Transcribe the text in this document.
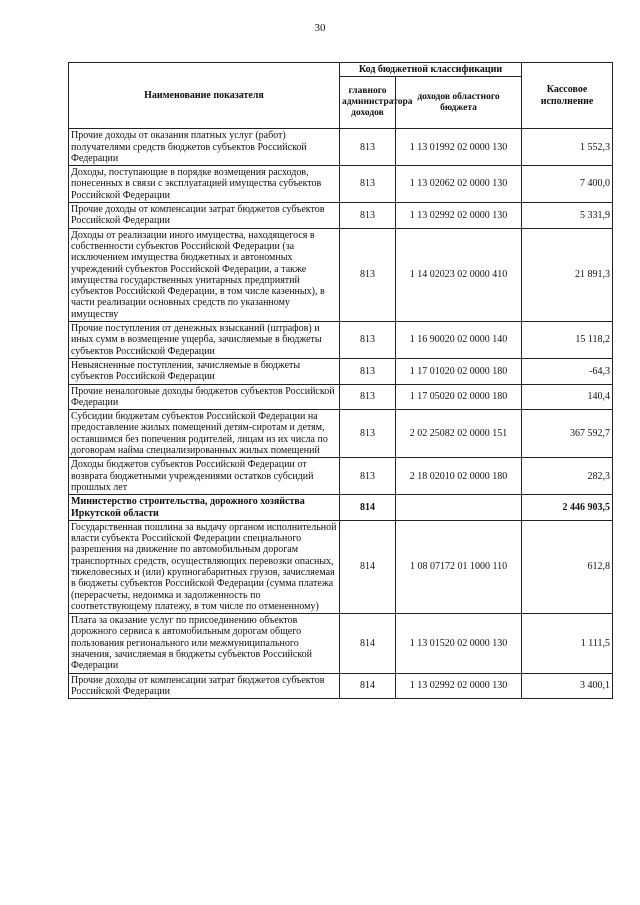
30
Наименование показателя	Код бюджетной классификации		Кассовое исполнение
	главного администратора доходов	доходов областного бюджета	
Прочие доходы от оказания платных услуг (работ) получателями средств бюджетов субъектов Российской Федерации	813	1 13 01992 02 0000 130	1 552,3
Доходы, поступающие в порядке возмещения расходов, понесенных в связи с эксплуатацией имущества субъектов Российской Федерации	813	1 13 02062 02 0000 130	7 400,0
Прочие доходы от компенсации затрат бюджетов субъектов Российской Федерации	813	1 13 02992 02 0000 130	5 331,9
Доходы от реализации иного имущества, находящегося в собственности субъектов Российской Федерации (за исключением имущества бюджетных и автономных учреждений субъектов Российской Федерации, а также имущества государственных унитарных предприятий субъектов Российской Федерации, в том числе казенных), в части реализации основных средств по указанному имуществу	813	1 14 02023 02 0000 410	21 891,3
Прочие поступления от денежных взысканий (штрафов) и иных сумм в возмещение ущерба, зачисляемые в бюджеты субъектов Российской Федерации	813	1 16 90020 02 0000 140	15 118,2
Невыясненные поступления, зачисляемые в бюджеты субъектов Российской Федерации	813	1 17 01020 02 0000 180	-64,3
Прочие неналоговые доходы бюджетов субъектов Российской Федерации	813	1 17 05020 02 0000 180	140,4
Субсидии бюджетам субъектов Российской Федерации на предоставление жилых помещений детям-сиротам и детям, оставшимся без попечения родителей, лицам из их числа по договорам найма специализированных жилых помещений	813	2 02 25082 02 0000 151	367 592,7
Доходы бюджетов субъектов Российской Федерации от возврата бюджетными учреждениями остатков субсидий прошлых лет	813	2 18 02010 02 0000 180	282,3
Министерство строительства, дорожного хозяйства Иркутской области	814		2 446 903,5
Государственная пошлина за выдачу органом исполнительной власти субъекта Российской Федерации специального разрешения на движение по автомобильным дорогам транспортных средств, осуществляющих перевозки опасных, тяжеловесных и (или) крупногабаритных грузов, зачисляемая в бюджеты субъектов Российской Федерации (сумма платежа (перерасчеты, недоимка и задолженность по соответствующему платежу, в том числе по отмененному)	814	1 08 07172 01 1000 110	612,8
Плата за оказание услуг по присоединению объектов дорожного сервиса к автомобильным дорогам общего пользования регионального или межмуниципального значения, зачисляемая в бюджеты субъектов Российской Федерации	814	1 13 01520 02 0000 130	1 111,5
Прочие доходы от компенсации затрат бюджетов субъектов Российской Федерации	814	1 13 02992 02 0000 130	3 400,1
